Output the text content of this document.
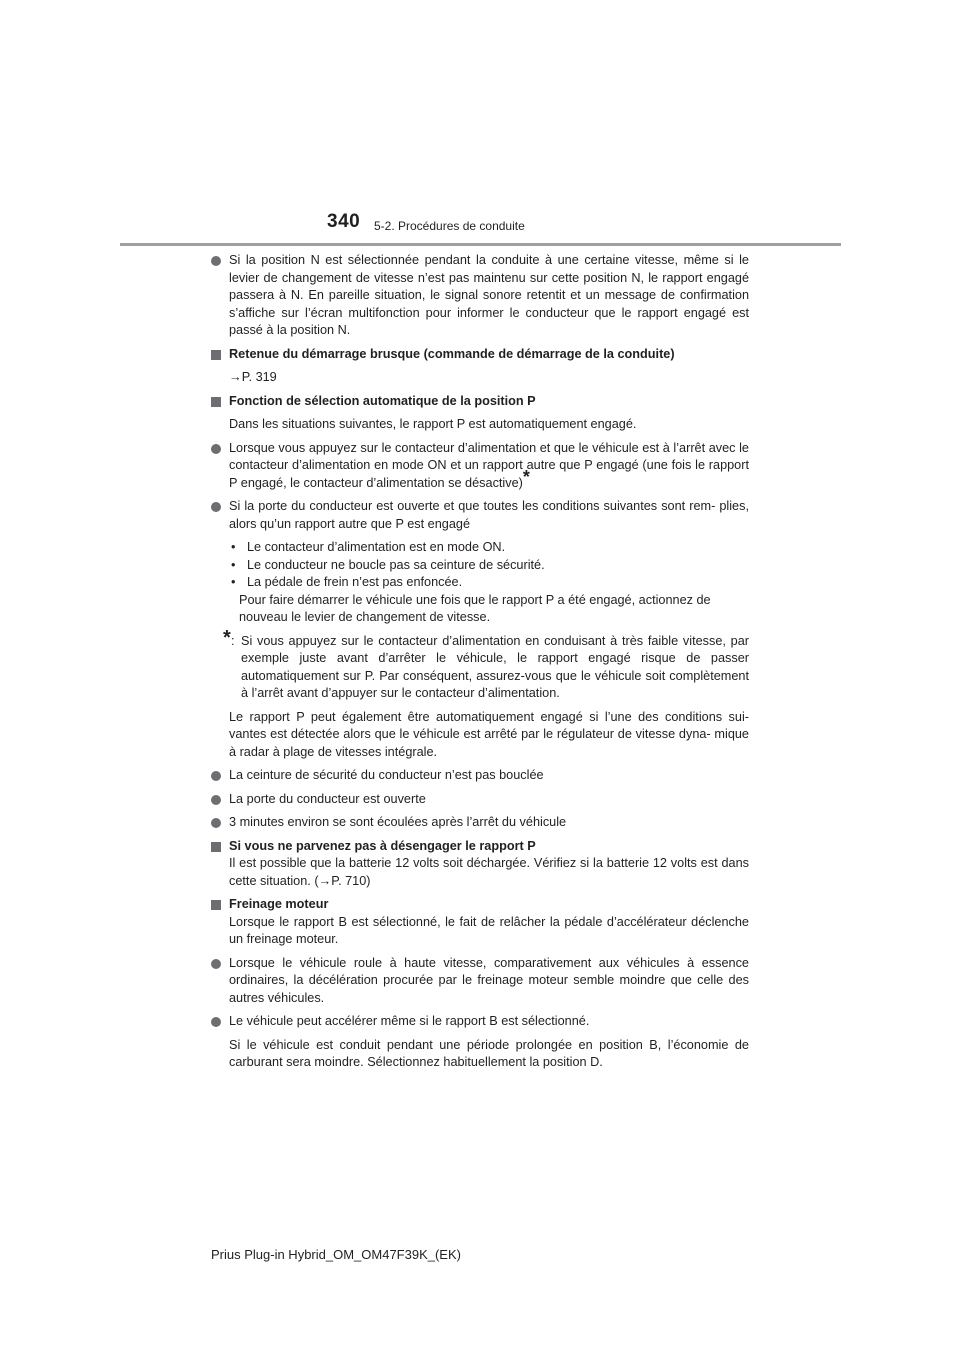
340 5-2. Procédures de conduite
Si la position N est sélectionnée pendant la conduite à une certaine vitesse, même si le levier de changement de vitesse n’est pas maintenu sur cette position N, le rapport engagé passera à N. En pareille situation, le signal sonore retentit et un message de confirmation s’affiche sur l’écran multifonction pour informer le conducteur que le rapport engagé est passé à la position N.
Retenue du démarrage brusque (commande de démarrage de la conduite)
→P. 319
Fonction de sélection automatique de la position P
Dans les situations suivantes, le rapport P est automatiquement engagé.
Lorsque vous appuyez sur le contacteur d’alimentation et que le véhicule est à l’arrêt avec le contacteur d’alimentation en mode ON et un rapport autre que P engagé (une fois le rapport P engagé, le contacteur d’alimentation se désactive)*
Si la porte du conducteur est ouverte et que toutes les conditions suivantes sont rem- plies, alors qu’un rapport autre que P est engagé
• Le contacteur d’alimentation est en mode ON.
• Le conducteur ne boucle pas sa ceinture de sécurité.
• La pédale de frein n’est pas enfoncée.
Pour faire démarrer le véhicule une fois que le rapport P a été engagé, actionnez de nouveau le levier de changement de vitesse.
* : Si vous appuyez sur le contacteur d’alimentation en conduisant à très faible vitesse, par exemple juste avant d’arrêter le véhicule, le rapport engagé risque de passer automatiquement sur P. Par conséquent, assurez-vous que le véhicule soit complètement à l’arrêt avant d’appuyer sur le contacteur d’alimentation.
Le rapport P peut également être automatiquement engagé si l’une des conditions sui- vantes est détectée alors que le véhicule est arrêté par le régulateur de vitesse dyna- mique à radar à plage de vitesses intégrale.
La ceinture de sécurité du conducteur n’est pas bouclée
La porte du conducteur est ouverte
3 minutes environ se sont écoulées après l’arrêt du véhicule
Si vous ne parvenez pas à désengager le rapport P
Il est possible que la batterie 12 volts soit déchargée. Vérifiez si la batterie 12 volts est dans cette situation. (→P. 710)
Freinage moteur
Lorsque le rapport B est sélectionné, le fait de relâcher la pédale d’accélérateur déclenche un freinage moteur.
Lorsque le véhicule roule à haute vitesse, comparativement aux véhicules à essence ordinaires, la décélération procurée par le freinage moteur semble moindre que celle des autres véhicules.
Le véhicule peut accélérer même si le rapport B est sélectionné.
Si le véhicule est conduit pendant une période prolongée en position B, l’économie de carburant sera moindre. Sélectionnez habituellement la position D.
Prius Plug-in Hybrid_OM_OM47F39K_(EK)
